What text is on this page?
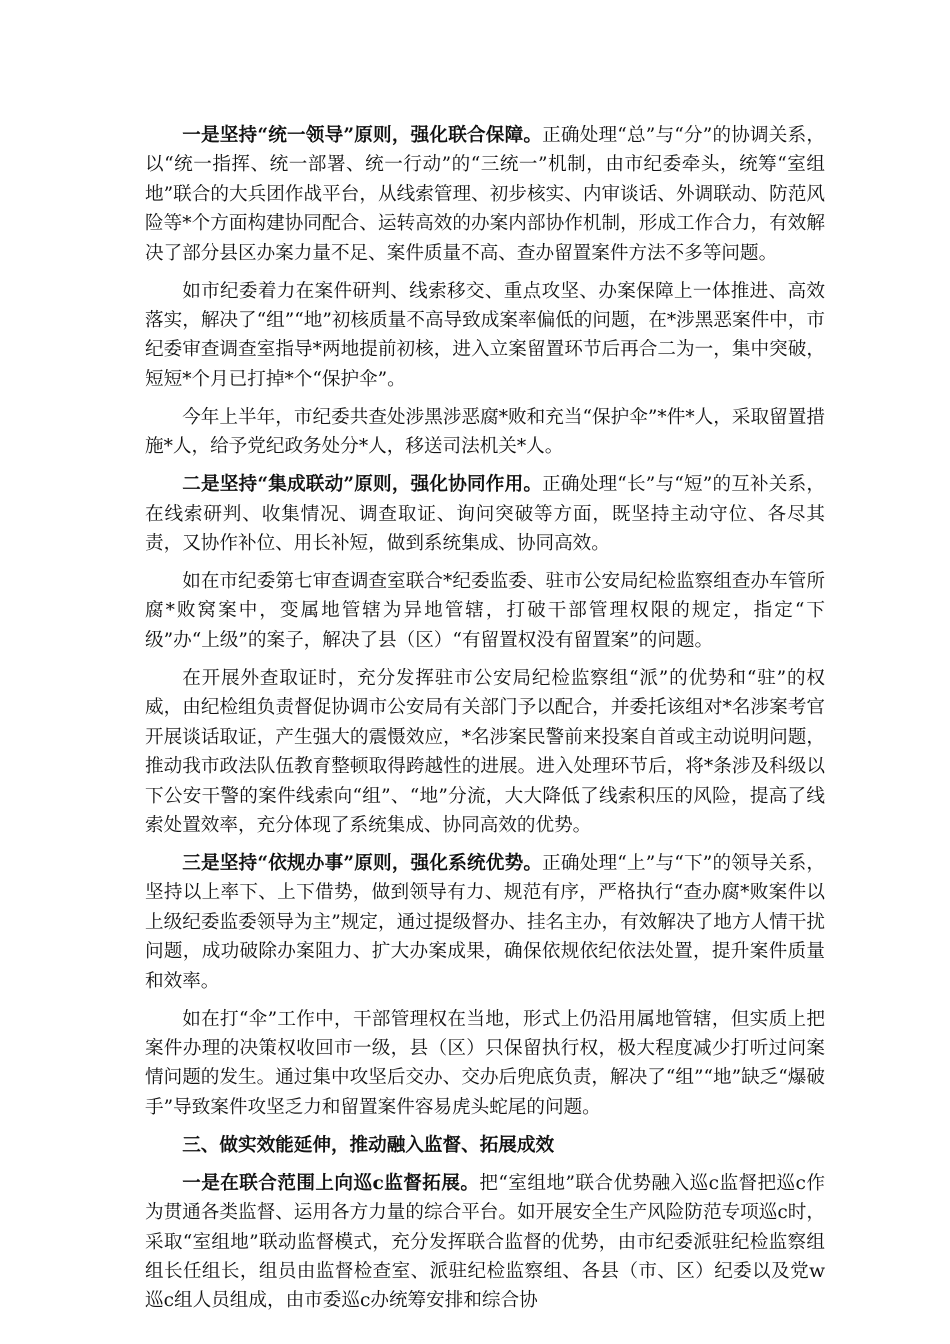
一是坚持“统一领导”原则，强化联合保障。正确处理“总”与“分”的协调关系，以“统一指挥、统一部署、统一行动”的“三统一”机制，由市纪委牵头，统筹“室组地”联合的大兵团作战平台，从线索管理、初步核实、内审谈话、外调联动、防范风险等*个方面构建协同配合、运转高效的办案内部协作机制，形成工作合力，有效解决了部分县区办案力量不足、案件质量不高、查办留置案件方法不多等问题。

如市纪委着力在案件研判、线索移交、重点攻坚、办案保障上一体推进、高效落实，解决了“组”“地”初核质量不高导致成案率偏低的问题，在*涉黑恶案件中，市纪委审查调查室指导*两地提前初核，进入立案留置环节后再合二为一，集中突破，短短*个月已打掉*个“保护伞”。

今年上半年，市纪委共查处涉黑涉恶腐*败和充当“保护伞”*件*人，采取留置措施*人，给予党纪政务处分*人，移送司法机关*人。

二是坚持“集成联动”原则，强化协同作用。正确处理“长”与“短”的互补关系，在线索研判、收集情况、调查取证、询问突破等方面，既坚持主动守位、各尽其责，又协作补位、用长补短，做到系统集成、协同高效。

如在市纪委第七审查调查室联合*纪委监委、驻市公安局纪检监察组查办车管所腐*败窝案中，变属地管辖为异地管辖，打破干部管理权限的规定，指定“下级”办“上级”的案子，解决了县（区）“有留置权没有留置案”的问题。

在开展外查取证时，充分发挥驻市公安局纪检监察组“派”的优势和“驻”的权威，由纪检组负责督促协调市公安局有关部门予以配合，并委托该组对*名涉案考官开展谈话取证，产生强大的震慑效应，*名涉案民警前来投案自首或主动说明问题，推动我市政法队伍教育整顿取得跨越性的进展。进入处理环节后，将*条涉及科级以下公安干警的案件线索向“组”、“地”分流，大大降低了线索积压的风险，提高了线索处置效率，充分体现了系统集成、协同高效的优势。

三是坚持“依规办事”原则，强化系统优势。正确处理“上”与“下”的领导关系，坚持以上率下、上下借势，做到领导有力、规范有序，严格执行“查办腐*败案件以上级纪委监委领导为主”规定，通过提级督办、挂名主办，有效解决了地方人情干扰问题，成功破除办案阻力、扩大办案成果，确保依规依纪依法处置，提升案件质量和效率。

如在打“伞”工作中，干部管理权在当地，形式上仍沿用属地管辖，但实质上把案件办理的决策权收回市一级，县（区）只保留执行权，极大程度减少打听过问案情问题的发生。通过集中攻坚后交办、交办后兜底负责，解决了“组”“地”缺乏“爆破手”导致案件攻坚乏力和留置案件容易虎头蛇尾的问题。

三、做实效能延伸，推动融入监督、拓展成效

一是在联合范围上向巡c监督拓展。把“室组地”联合优势融入巡c监督把巡c作为贯通各类监督、运用各方力量的综合平台。如开展安全生产风险防范专项巡c时，采取“室组地”联动监督模式，充分发挥联合监督的优势，由市纪委派驻纪检监察组组长任组长，组员由监督检查室、派驻纪检监察组、各县（市、区）纪委以及党w巡c组人员组成，由市委巡c办统筹安排和综合协
